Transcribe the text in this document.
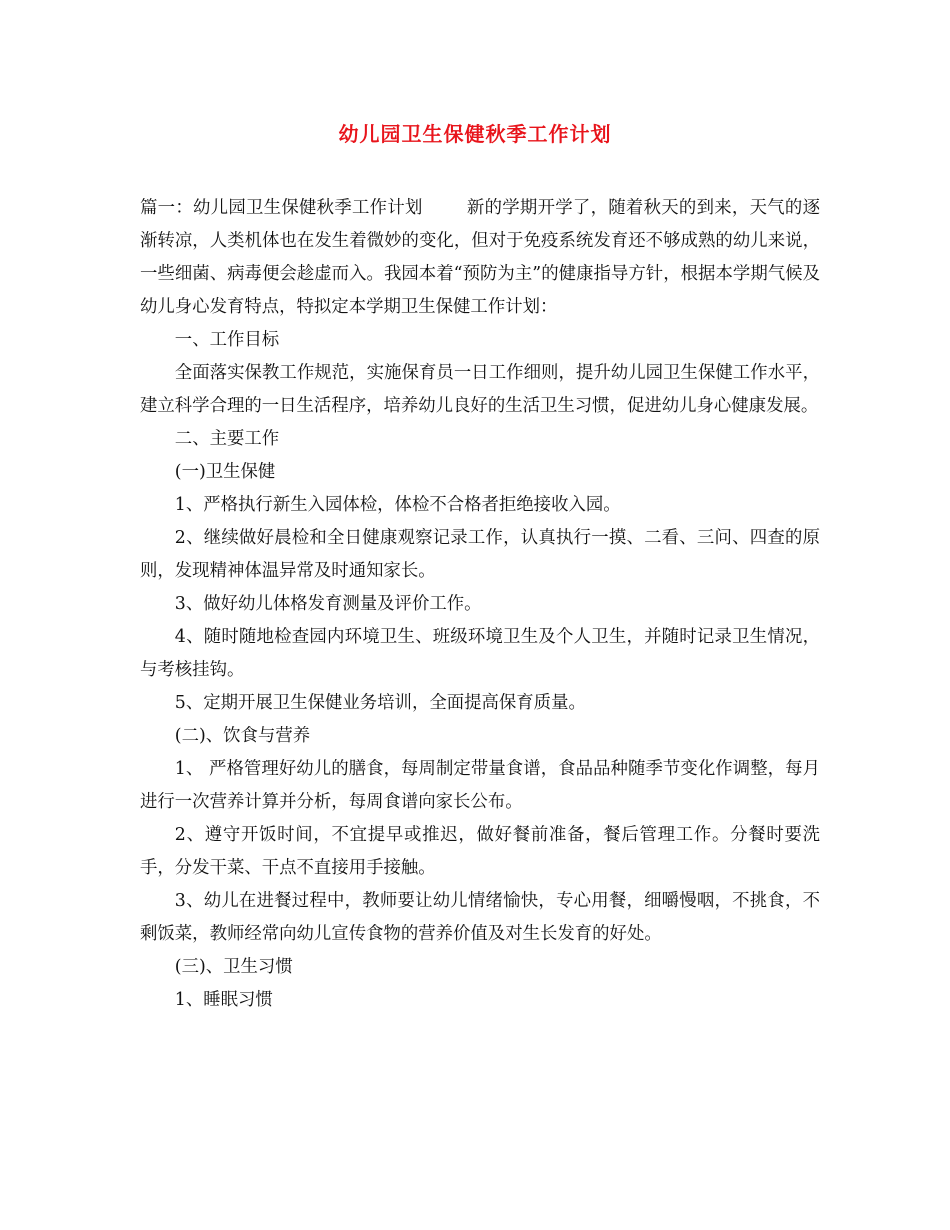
幼儿园卫生保健秋季工作计划

篇一：幼儿园卫生保健秋季工作计划	新的学期开学了，随着秋天的到来，天气的逐渐转凉，人类机体也在发生着微妙的变化，但对于免疫系统发育还不够成熟的幼儿来说，一些细菌、病毒便会趁虚而入。我园本着“预防为主”的健康指导方针，根据本学期气候及幼儿身心发育特点，特拟定本学期卫生保健工作计划：

一、工作目标

全面落实保教工作规范，实施保育员一日工作细则，提升幼儿园卫生保健工作水平，建立科学合理的一日生活程序，培养幼儿良好的生活卫生习惯，促进幼儿身心健康发展。

二、主要工作

(一)卫生保健

1、严格执行新生入园体检，体检不合格者拒绝接收入园。

2、继续做好晨检和全日健康观察记录工作，认真执行一摸、二看、三问、四查的原则，发现精神体温异常及时通知家长。

3、做好幼儿体格发育测量及评价工作。

4、随时随地检查园内环境卫生、班级环境卫生及个人卫生，并随时记录卫生情况，与考核挂钩。

5、定期开展卫生保健业务培训，全面提高保育质量。

(二)、饮食与营养

1、 严格管理好幼儿的膳食，每周制定带量食谱，食品品种随季节变化作调整，每月进行一次营养计算并分析，每周食谱向家长公布。

2、遵守开饭时间，不宜提早或推迟，做好餐前准备，餐后管理工作。分餐时要洗手，分发干菜、干点不直接用手接触。

3、幼儿在进餐过程中，教师要让幼儿情绪愉快，专心用餐，细嚼慢咽，不挑食，不剩饭菜，教师经常向幼儿宣传食物的营养价值及对生长发育的好处。

(三)、卫生习惯

1、睡眠习惯
